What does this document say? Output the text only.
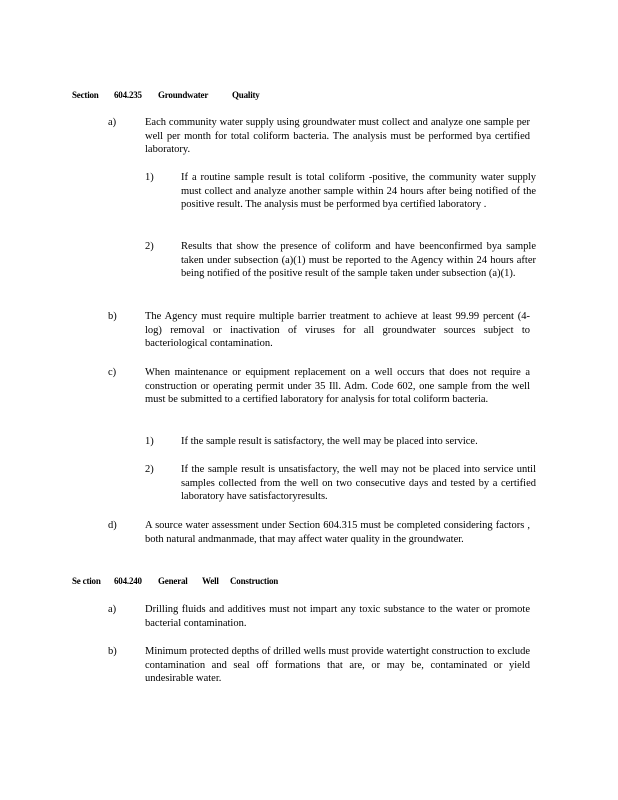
Section 604.235 Groundwater	Quality
a)	Each community water supply using groundwater must collect and analyze one sample per well per month for total coliform bacteria. The analysis must be performed bya certified laboratory.
1)	If a routine sample result is total coliform -positive, the community water supply must collect and analyze another sample within 24 hours after being notified of the positive result. The analysis must be performed bya certified laboratory .
2)	Results that show the presence of coliform and have beenconfirmed bya sample taken under subsection (a)(1) must be reported to the Agency within 24 hours after being notified of the positive result of the sample taken under subsection (a)(1).
b)	The Agency must require multiple barrier treatment to achieve at least 99.99 percent (4-log) removal or inactivation of viruses for all groundwater sources subject to bacteriological contamination.
c)	When maintenance or equipment replacement on a well occurs that does not require a construction or operating permit under 35 Ill. Adm. Code 602, one sample from the well must be submitted to a certified laboratory for analysis for total coliform bacteria.
1)	If the sample result is satisfactory, the well may be placed into service.
2)	If the sample result is unsatisfactory, the well may not be placed into service until samples collected from the well on two consecutive days and tested by a certified laboratory have satisfactoryresults.
d)	A source water assessment under Section 604.315 must be completed considering factors , both natural andmanmade, that may affect water quality in the groundwater.
Se ction 604.240 General Well Construction
a)	Drilling fluids and additives must not impart any toxic substance to the water or promote bacterial contamination.
b)	Minimum protected depths of drilled wells must provide watertight construction to exclude contamination and seal off formations that are, or may be, contaminated or yield undesirable water.
